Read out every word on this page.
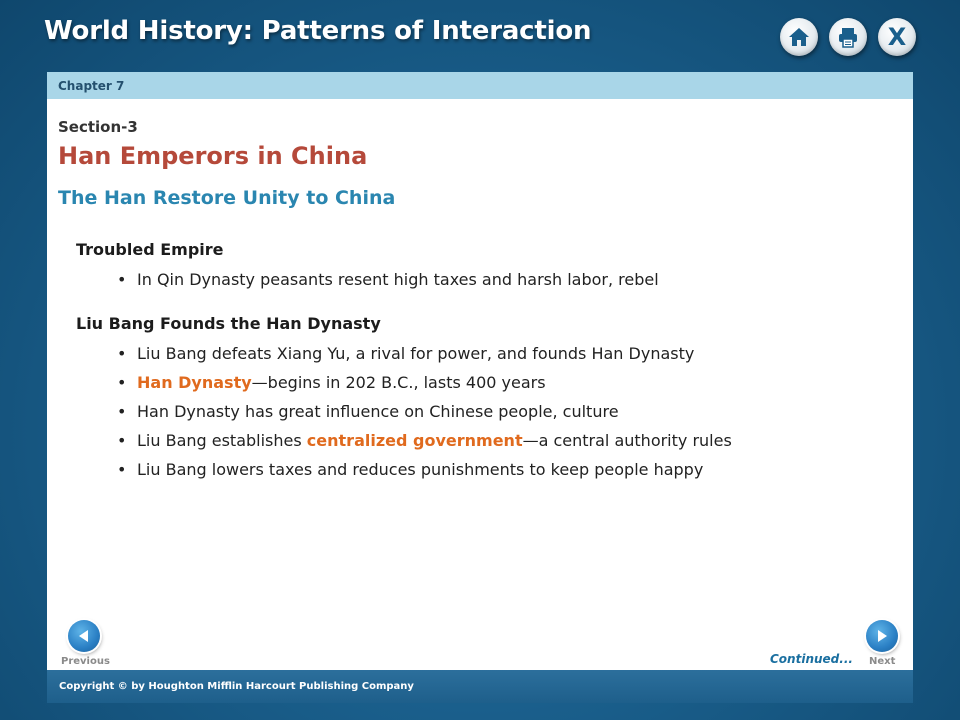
World History: Patterns of Interaction	X
Chapter 7
Section-3
Han Emperors in China
The Han Restore Unity to China
Troubled Empire
• In Qin Dynasty peasants resent high taxes and harsh labor, rebel
Liu Bang Founds the Han Dynasty
• Liu Bang defeats Xiang Yu, a rival for power, and founds Han Dynasty
• Han Dynasty—begins in 202 B.C., lasts 400 years
• Han Dynasty has great influence on Chinese people, culture
• Liu Bang establishes centralized government—a central authority rules
• Liu Bang lowers taxes and reduces punishments to keep people happy
Previous	Continued... Next
Copyright © by Houghton Mifflin Harcourt Publishing Company
